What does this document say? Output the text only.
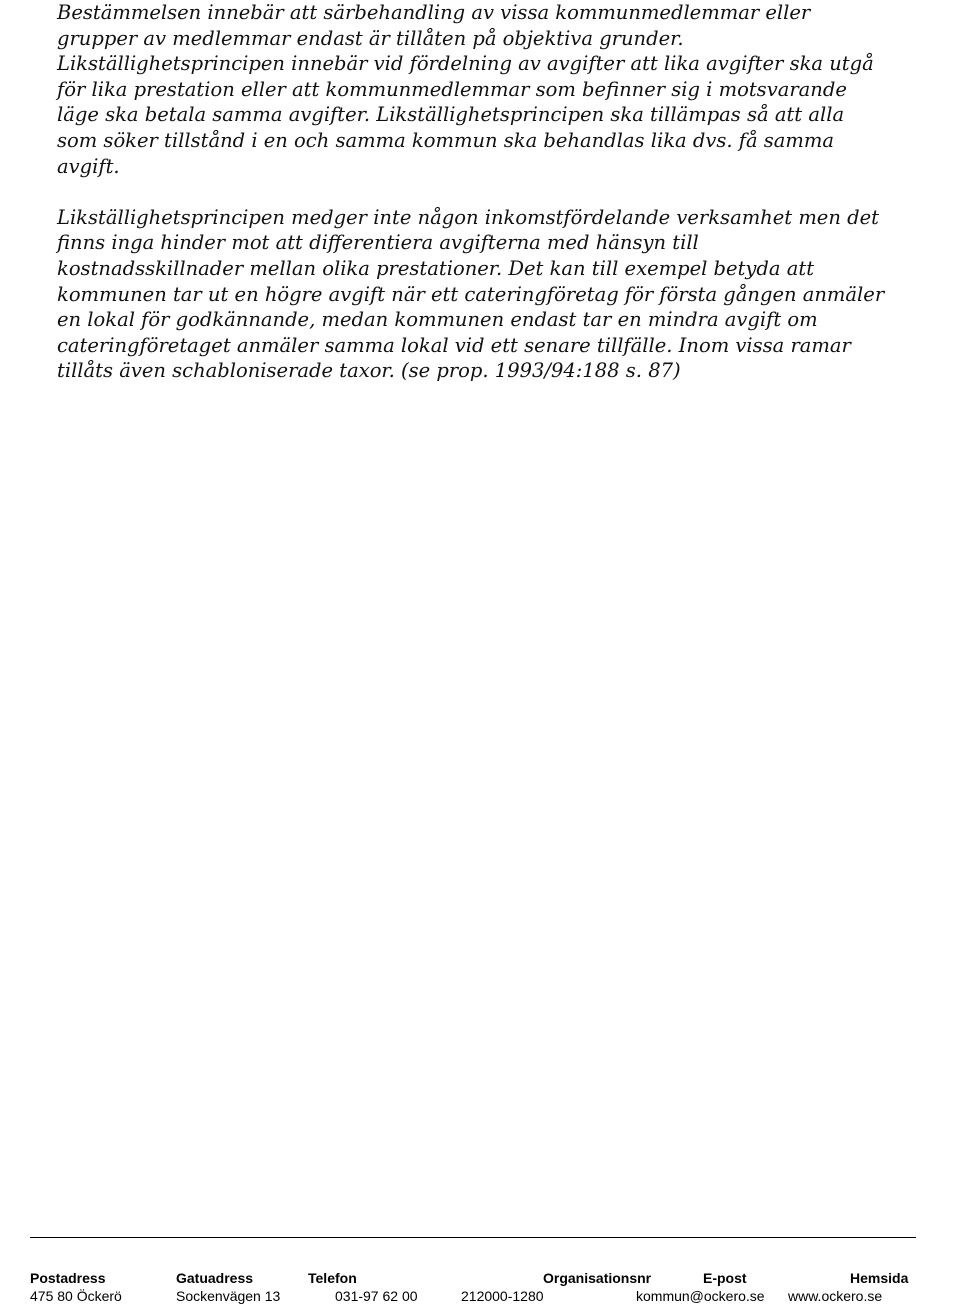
Bestämmelsen innebär att särbehandling av vissa kommunmedlemmar eller
grupper av medlemmar endast är tillåten på objektiva grunder.
Likställighetsprincipen innebär vid fördelning av avgifter att lika avgifter ska utgå
för lika prestation eller att kommunmedlemmar som befinner sig i motsvarande
läge ska betala samma avgifter. Likställighetsprincipen ska tillämpas så att alla
som söker tillstånd i en och samma kommun ska behandlas lika dvs. få samma
avgift.

Likställighetsprincipen medger inte någon inkomstfördelande verksamhet men det
finns inga hinder mot att differentiera avgifterna med hänsyn till
kostnadsskillnader mellan olika prestationer. Det kan till exempel betyda att
kommunen tar ut en högre avgift när ett cateringföretag för första gången anmäler
en lokal för godkännande, medan kommunen endast tar en mindra avgift om
cateringföretaget anmäler samma lokal vid ett senare tillfälle. Inom vissa ramar
tillåts även schabloniserade taxor. (se prop. 1993/94:188 s. 87)

Postadress	Gatuadress	Telefon	Organisationsnr	E-post	Hemsida
475 80 Öckerö	Sockenvägen 13	031-97 62 00	212000-1280	kommun@ockero.se www.ockero.se
